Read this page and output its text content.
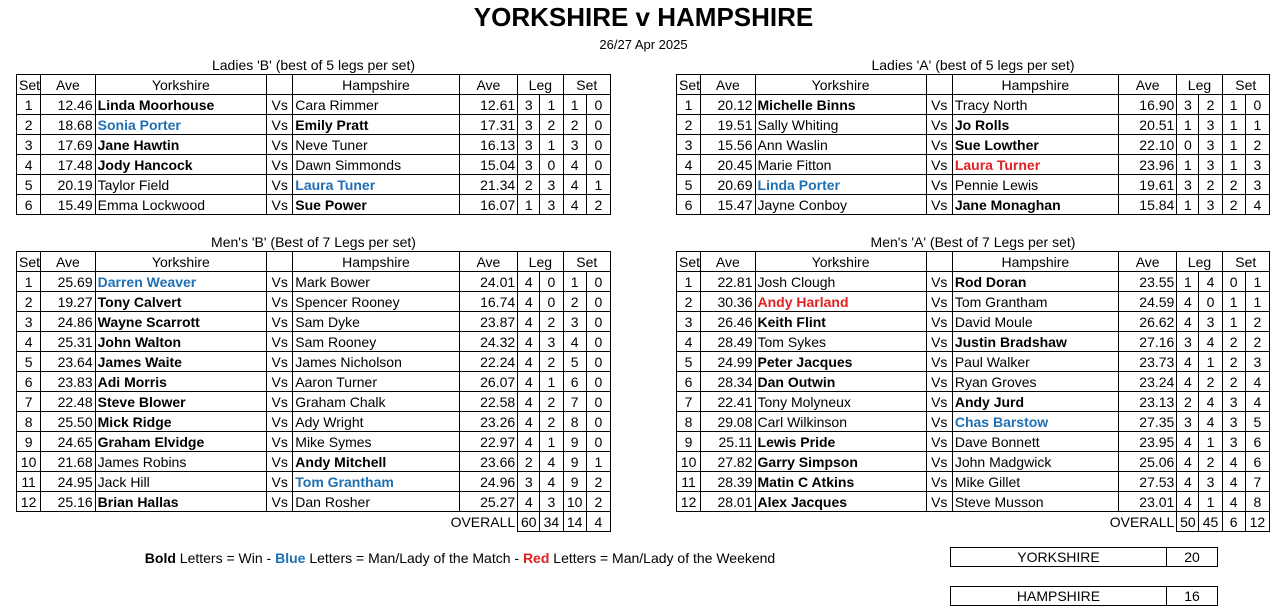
YORKSHIRE v HAMPSHIRE
26/27 Apr 2025
Ladies 'B' (best of 5 legs per set)	Ladies 'A' (best of 5 legs per set)
Men's 'B' (Best of 7 Legs per set)	Men's 'A' (Best of 7 Legs per set)
Set	Ave	Yorkshire		Hampshire	Ave	Leg		Set	
1	12.46	Linda Moorhouse	Vs	Cara Rimmer	12.61	3	1	1	0
2	18.68	Sonia Porter	Vs	Emily Pratt	17.31	3	2	2	0
3	17.69	Jane Hawtin	Vs	Neve Tuner	16.13	3	1	3	0
4	17.48	Jody Hancock	Vs	Dawn Simmonds	15.04	3	0	4	0
5	20.19	Taylor Field	Vs	Laura Tuner	21.34	2	3	4	1
6	15.49	Emma Lockwood	Vs	Sue Power	16.07	1	3	4	2
Set	Ave	Yorkshire		Hampshire	Ave	Leg		Set	
1	20.12	Michelle Binns	Vs	Tracy North	16.90	3	2	1	0
2	19.51	Sally Whiting	Vs	Jo Rolls	20.51	1	3	1	1
3	15.56	Ann Waslin	Vs	Sue Lowther	22.10	0	3	1	2
4	20.45	Marie Fitton	Vs	Laura Turner	23.96	1	3	1	3
5	20.69	Linda Porter	Vs	Pennie Lewis	19.61	3	2	2	3
6	15.47	Jayne Conboy	Vs	Jane Monaghan	15.84	1	3	2	4
Set	Ave	Yorkshire		Hampshire	Ave	Leg		Set	
1	25.69	Darren Weaver	Vs	Mark Bower	24.01	4	0	1	0
2	19.27	Tony Calvert	Vs	Spencer Rooney	16.74	4	0	2	0
3	24.86	Wayne Scarrott	Vs	Sam Dyke	23.87	4	2	3	0
4	25.31	John Walton	Vs	Sam Rooney	24.32	4	3	4	0
5	23.64	James Waite	Vs	James Nicholson	22.24	4	2	5	0
6	23.83	Adi Morris	Vs	Aaron Turner	26.07	4	1	6	0
7	22.48	Steve Blower	Vs	Graham Chalk	22.58	4	2	7	0
8	25.50	Mick Ridge	Vs	Ady Wright	23.26	4	2	8	0
9	24.65	Graham Elvidge	Vs	Mike Symes	22.97	4	1	9	0
10	21.68	James Robins	Vs	Andy Mitchell	23.66	2	4	9	1
11	24.95	Jack Hill	Vs	Tom Grantham	24.96	3	4	9	2
12	25.16	Brian Hallas	Vs	Dan Rosher	25.27	4	3	10	2
OVERALL						60	34	14	4
Set	Ave	Yorkshire		Hampshire	Ave	Leg		Set	
1	22.81	Josh Clough	Vs	Rod Doran	23.55	1	4	0	1
2	30.36	Andy Harland	Vs	Tom Grantham	24.59	4	0	1	1
3	26.46	Keith Flint	Vs	David Moule	26.62	4	3	1	2
4	28.49	Tom Sykes	Vs	Justin Bradshaw	27.16	3	4	2	2
5	24.99	Peter Jacques	Vs	Paul Walker	23.73	4	1	2	3
6	28.34	Dan Outwin	Vs	Ryan Groves	23.24	4	2	2	4
7	22.41	Tony Molyneux	Vs	Andy Jurd	23.13	2	4	3	4
8	29.08	Carl Wilkinson	Vs	Chas Barstow	27.35	3	4	3	5
9	25.11	Lewis Pride	Vs	Dave Bonnett	23.95	4	1	3	6
10	27.82	Garry Simpson	Vs	John Madgwick	25.06	4	2	4	6
11	28.39	Matin C Atkins	Vs	Mike Gillet	27.53	4	3	4	7
12	28.01	Alex Jacques	Vs	Steve Musson	23.01	4	1	4	8
OVERALL						50	45	6	12
Bold Letters = Win - Blue Letters = Man/Lady of the Match - Red Letters = Man/Lady of the Weekend	YORKSHIRE	20
HAMPSHIRE	16
